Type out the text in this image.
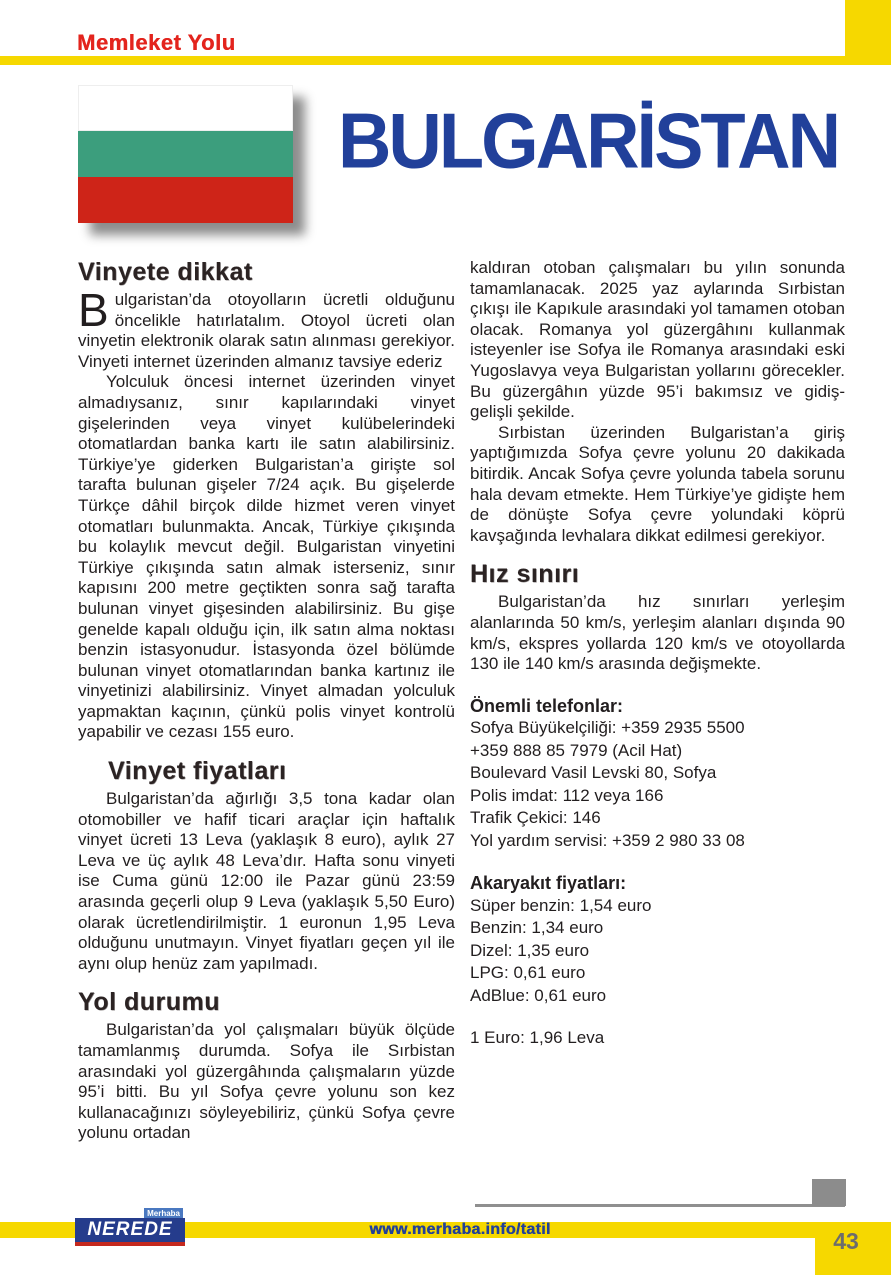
Memleket Yolu
BULGARİSTAN
Vinyete dikkat

Bulgaristan’da otoyolların ücretli olduğunu öncelikle hatırlatalım. Otoyol ücreti olan vinyetin elektronik olarak satın alınması gerekiyor. Vinyeti internet üzerinden almanız tavsiye ederiz

Yolculuk öncesi internet üzerinden vinyet almadıysanız, sınır kapılarındaki vinyet gişelerinden veya vinyet kulübelerindeki otomatlardan banka kartı ile satın alabilirsiniz. Türkiye’ye giderken Bulgaristan’a girişte sol tarafta bulunan gişeler 7/24 açık. Bu gişelerde Türkçe dâhil birçok dilde hizmet veren vinyet otomatları bulunmakta. Ancak, Türkiye çıkışında bu kolaylık mevcut değil. Bulgaristan vinyetini Türkiye çıkışında satın almak isterseniz, sınır kapısını 200 metre geçtikten sonra sağ tarafta bulunan vinyet gişesinden alabilirsiniz. Bu gişe genelde kapalı olduğu için, ilk satın alma noktası benzin istasyonudur. İstasyonda özel bölümde bulunan vinyet otomatlarından banka kartınız ile vinyetinizi alabilirsiniz. Vinyet almadan yolculuk yapmaktan kaçının, çünkü polis vinyet kontrolü yapabilir ve cezası 155 euro.

Vinyet fiyatları

Bulgaristan’da ağırlığı 3,5 tona kadar olan otomobiller ve hafif ticari araçlar için haftalık vinyet ücreti 13 Leva (yaklaşık 8 euro), aylık 27 Leva ve üç aylık 48 Leva’dır. Hafta sonu vinyeti ise Cuma günü 12:00 ile Pazar günü 23:59 arasında geçerli olup 9 Leva (yaklaşık 5,50 Euro) olarak ücretlendirilmiştir. 1 euronun 1,95 Leva olduğunu unutmayın. Vinyet fiyatları geçen yıl ile aynı olup henüz zam yapılmadı.

Yol durumu

Bulgaristan’da yol çalışmaları büyük ölçüde tamamlanmış durumda. Sofya ile Sırbistan arasındaki yol güzergâhında çalışmaların yüzde 95’i bitti. Bu yıl Sofya çevre yolunu son kez kullanacağınızı söyleyebiliriz, çünkü Sofya çevre yolunu ortadan

kaldıran otoban çalışmaları bu yılın sonunda tamamlanacak. 2025 yaz aylarında Sırbistan çıkışı ile Kapıkule arasındaki yol tamamen otoban olacak. Romanya yol güzergâhını kullanmak isteyenler ise Sofya ile Romanya arasındaki eski Yugoslavya veya Bulgaristan yollarını görecekler. Bu güzergâhın yüzde 95’i bakımsız ve gidiş-gelişli şekilde.

Sırbistan üzerinden Bulgaristan’a giriş yaptığımızda Sofya çevre yolunu 20 dakikada bitirdik. Ancak Sofya çevre yolunda tabela sorunu hala devam etmekte. Hem Türkiye’ye gidişte hem de dönüşte Sofya çevre yolundaki köprü kavşağında levhalara dikkat edilmesi gerekiyor.

Hız sınırı

Bulgaristan’da hız sınırları yerleşim alanlarında 50 km/s, yerleşim alanları dışında 90 km/s, ekspres yollarda 120 km/s ve otoyollarda 130 ile 140 km/s arasında değişmekte.

Önemli telefonlar:
Sofya Büyükelçiliği: +359 2935 5500
+359 888 85 7979 (Acil Hat)
Boulevard Vasil Levski 80, Sofya
Polis imdat: 112 veya 166
Trafik Çekici: 146
Yol yardım servisi: +359 2 980 33 08
Akaryakıt fiyatları:
Süper benzin: 1,54 euro
Benzin: 1,34 euro
Dizel: 1,35 euro
LPG: 0,61 euro
AdBlue: 0,61 euro
1 Euro: 1,96 Leva
43
www.merhaba.info/tatil
Merhaba
NEREDE
